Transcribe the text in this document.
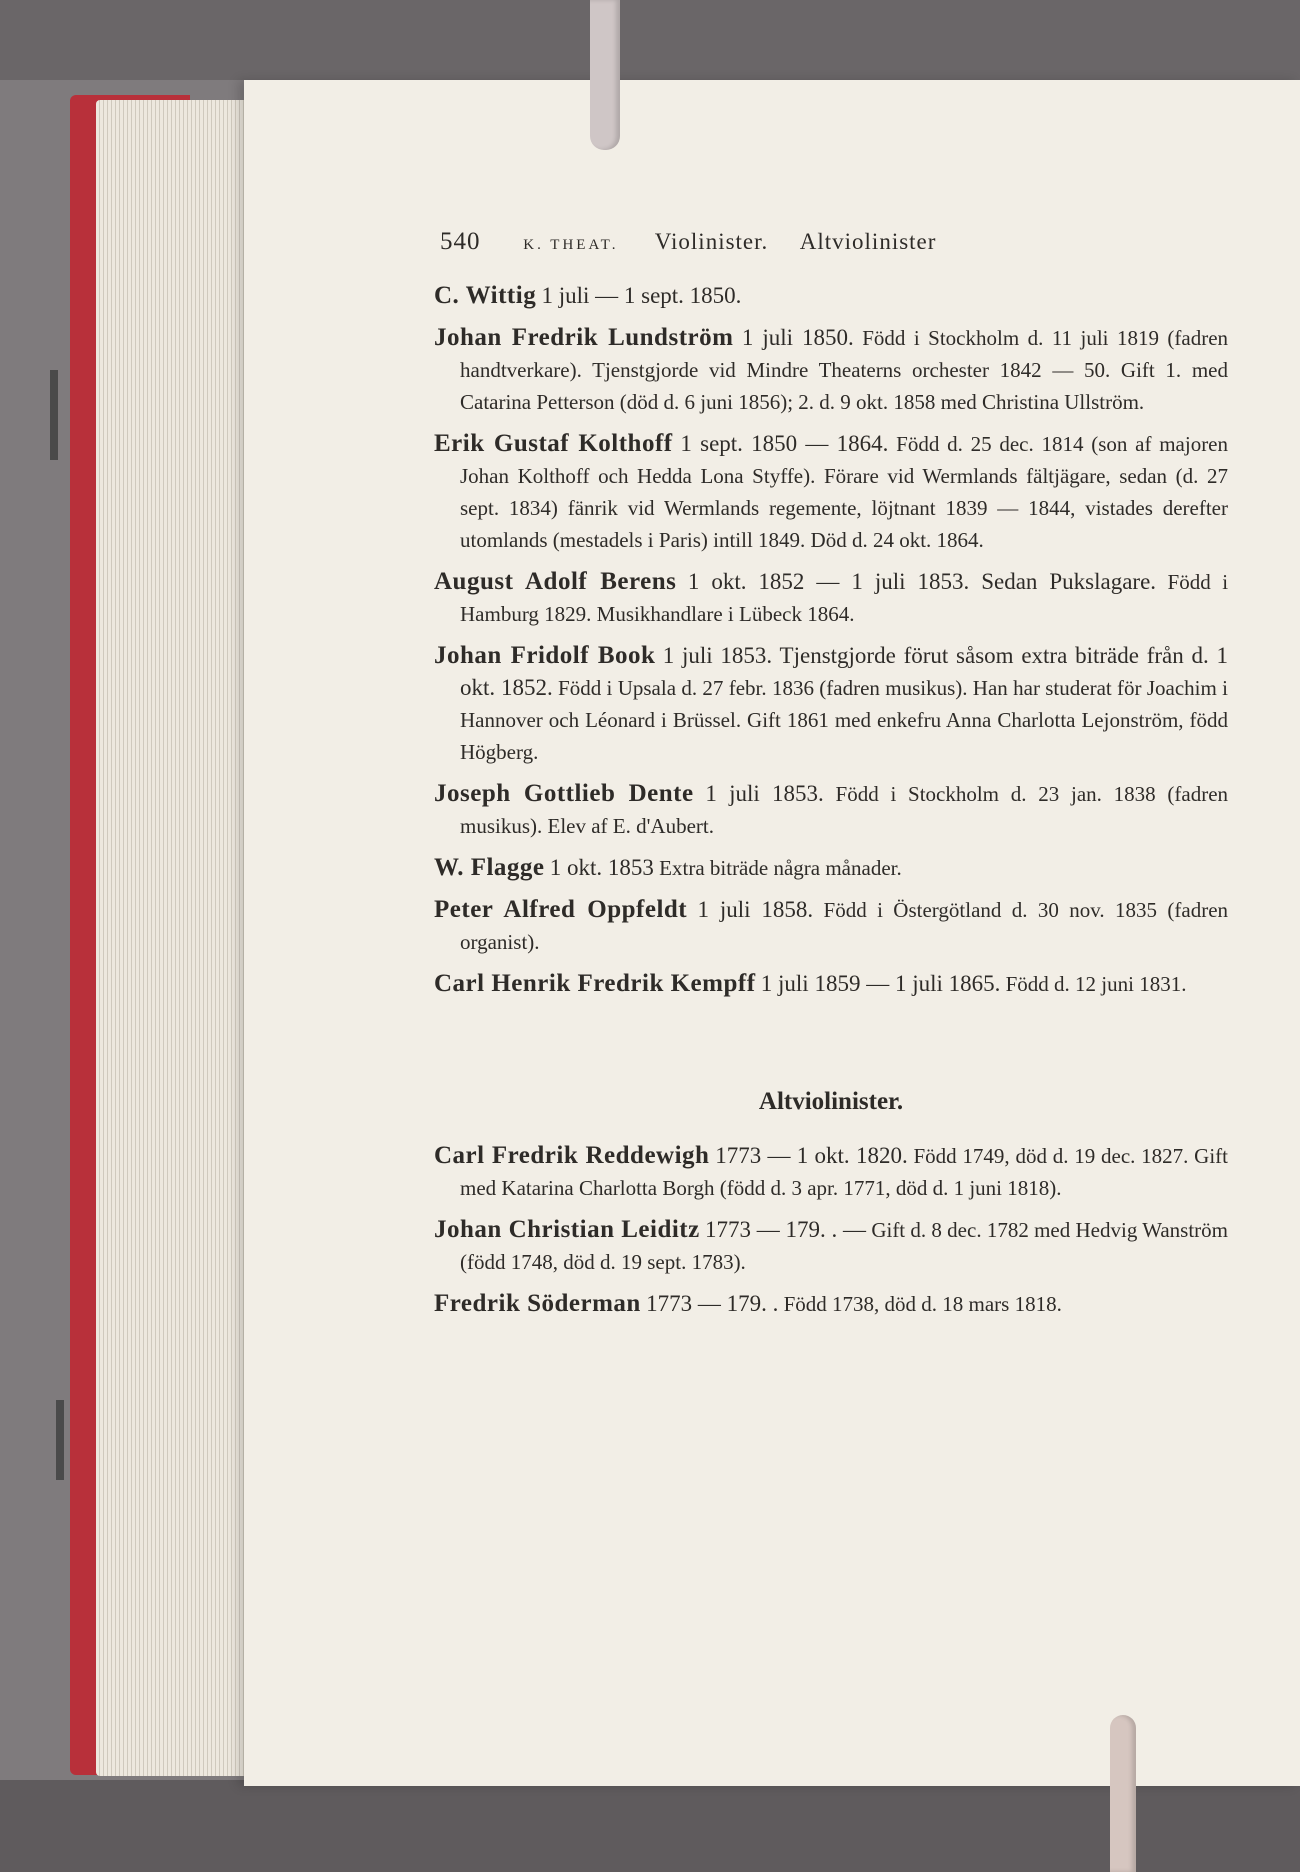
540	K. THEAT. Violinister. Altviolinister
C. Wittig 1 juli — 1 sept. 1850.
Johan Fredrik Lundström 1 juli 1850. Född i Stockholm d. 11 juli 1819 (fadren handtverkare). Tjenstgjorde vid Mindre Theaterns orchester 1842 — 50. Gift 1. med Catarina Petterson (död d. 6 juni 1856); 2. d. 9 okt. 1858 med Christina Ullström.
Erik Gustaf Kolthoff 1 sept. 1850 — 1864. Född d. 25 dec. 1814 (son af majoren Johan Kolthoff och Hedda Lona Styffe). Förare vid Wermlands fältjägare, sedan (d. 27 sept. 1834) fänrik vid Wermlands regemente, löjtnant 1839 — 1844, vistades derefter utomlands (mestadels i Paris) intill 1849. Död d. 24 okt. 1864.
August Adolf Berens 1 okt. 1852 — 1 juli 1853. Sedan Pukslagare. Född i Hamburg 1829. Musikhandlare i Lübeck 1864.
Johan Fridolf Book 1 juli 1853. Tjenstgjorde förut såsom extra biträde från d. 1 okt. 1852. Född i Upsala d. 27 febr. 1836 (fadren musikus). Han har studerat för Joachim i Hannover och Léonard i Brüssel. Gift 1861 med enkefru Anna Charlotta Lejonström, född Högberg.
Joseph Gottlieb Dente 1 juli 1853. Född i Stockholm d. 23 jan. 1838 (fadren musikus). Elev af E. d'Aubert.
W. Flagge 1 okt. 1853 Extra biträde några månader.
Peter Alfred Oppfeldt 1 juli 1858. Född i Östergötland d. 30 nov. 1835 (fadren organist).
Carl Henrik Fredrik Kempff 1 juli 1859 — 1 juli 1865. Född d. 12 juni 1831.
Altviolinister.
Carl Fredrik Reddewigh 1773 — 1 okt. 1820. Född 1749, död d. 19 dec. 1827. Gift med Katarina Charlotta Borgh (född d. 3 apr. 1771, död d. 1 juni 1818).
Johan Christian Leiditz 1773 — 179. . — Gift d. 8 dec. 1782 med Hedvig Wanström (född 1748, död d. 19 sept. 1783).
Fredrik Söderman 1773 — 179. . Född 1738, död d. 18 mars 1818.
